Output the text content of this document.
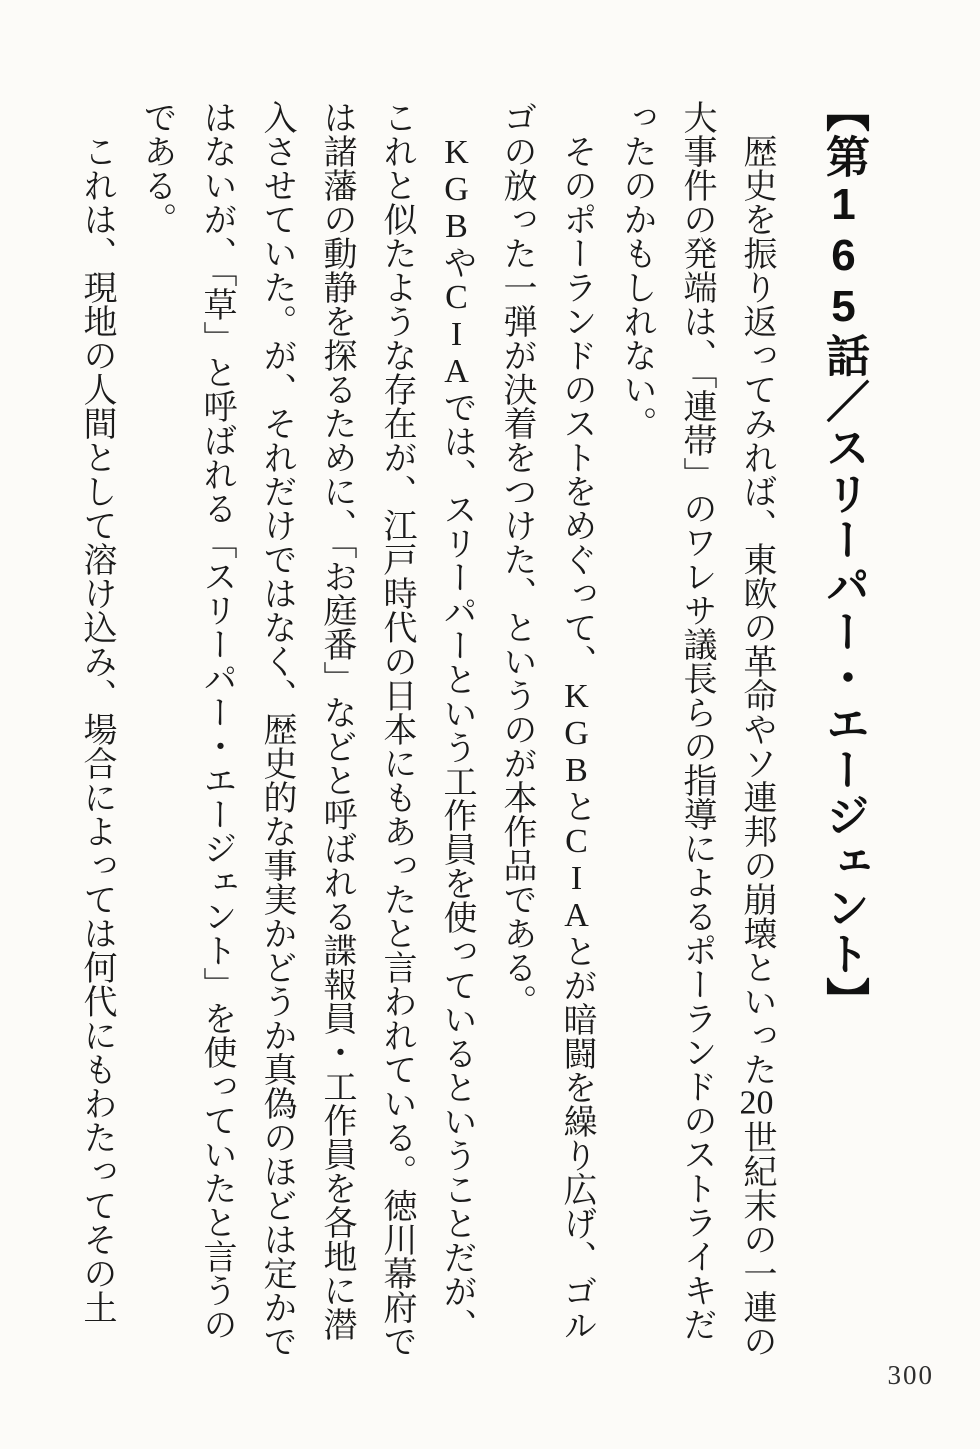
【第165話／スリーパー・エージェント】

歴史を振り返ってみれば、東欧の革命やソ連邦の崩壊といった20世紀末の一連の大事件の発端は、「連帯」のワレサ議長らの指導によるポーランドのストライキだったのかもしれない。

そのポーランドのストをめぐって、KGBとCIAとが暗闘を繰り広げ、ゴルゴの放った一弾が決着をつけた、というのが本作品である。

KGBやCIAでは、スリーパーという工作員を使っているということだが、これと似たような存在が、江戸時代の日本にもあったと言われている。徳川幕府では諸藩の動静を探るために、「お庭番」などと呼ばれる諜報員・工作員を各地に潜入させていた。が、それだけではなく、歴史的な事実かどうか真偽のほどは定かではないが、「草」と呼ばれる「スリーパー・エージェント」を使っていたと言うのである。

これは、現地の人間として溶け込み、場合によっては何代にもわたってその土

300
